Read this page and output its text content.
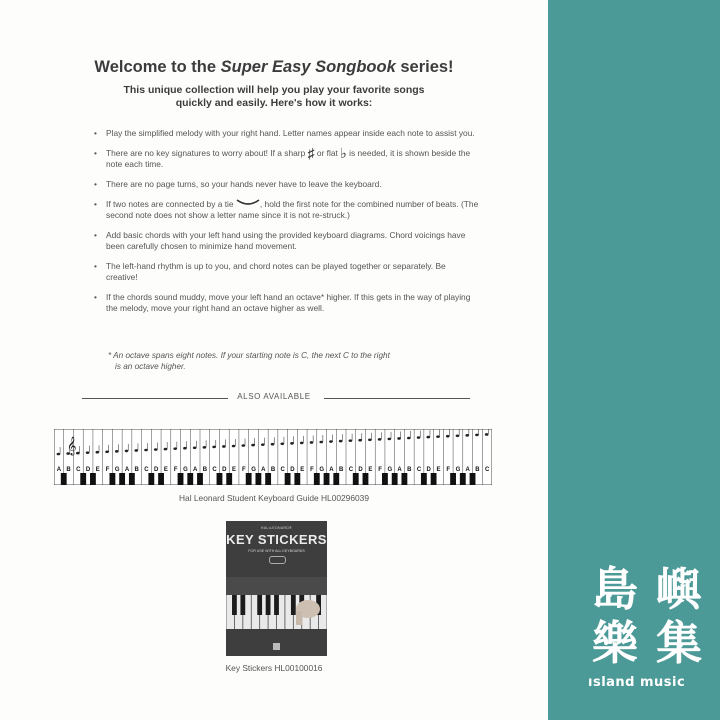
Welcome to the Super Easy Songbook series!
This unique collection will help you play your favorite songs
quickly and easily. Here's how it works:
• Play the simplified melody with your right hand. Letter names appear inside each note to assist you.
• There are no key signatures to worry about! If a sharp ♯ or flat ♭ is needed, it is shown beside the note each time.
• There are no page turns, so your hands never have to leave the keyboard.
• If two notes are connected by a tie	, hold the first note for the combined number of beats. (The second note does not show a letter name since it is not re-struck.)
• Add basic chords with your left hand using the provided keyboard diagrams. Chord voicings have been carefully chosen to minimize hand movement.
• The left-hand rhythm is up to you, and chord notes can be played together or separately. Be creative!
• If the chords sound muddy, move your left hand an octave* higher. If this gets in the way of playing the melody, move your right hand an octave higher as well.
* An octave spans eight notes. If your starting note is C, the next C to the right
is an octave higher.
ALSO AVAILABLE
𝄞
A B C D E F G A B C D E F G A B C D E F G A B C D E F G A B C D E F G A B C D E F G A B C
Hal Leonard Student Keyboard Guide HL00296039
HAL•LEONARD®
KEY STICKERS
FOR USE WITH ALL KEYBOARDS
Key Stickers HL00100016
島 嶼
樂 集
ısland music
